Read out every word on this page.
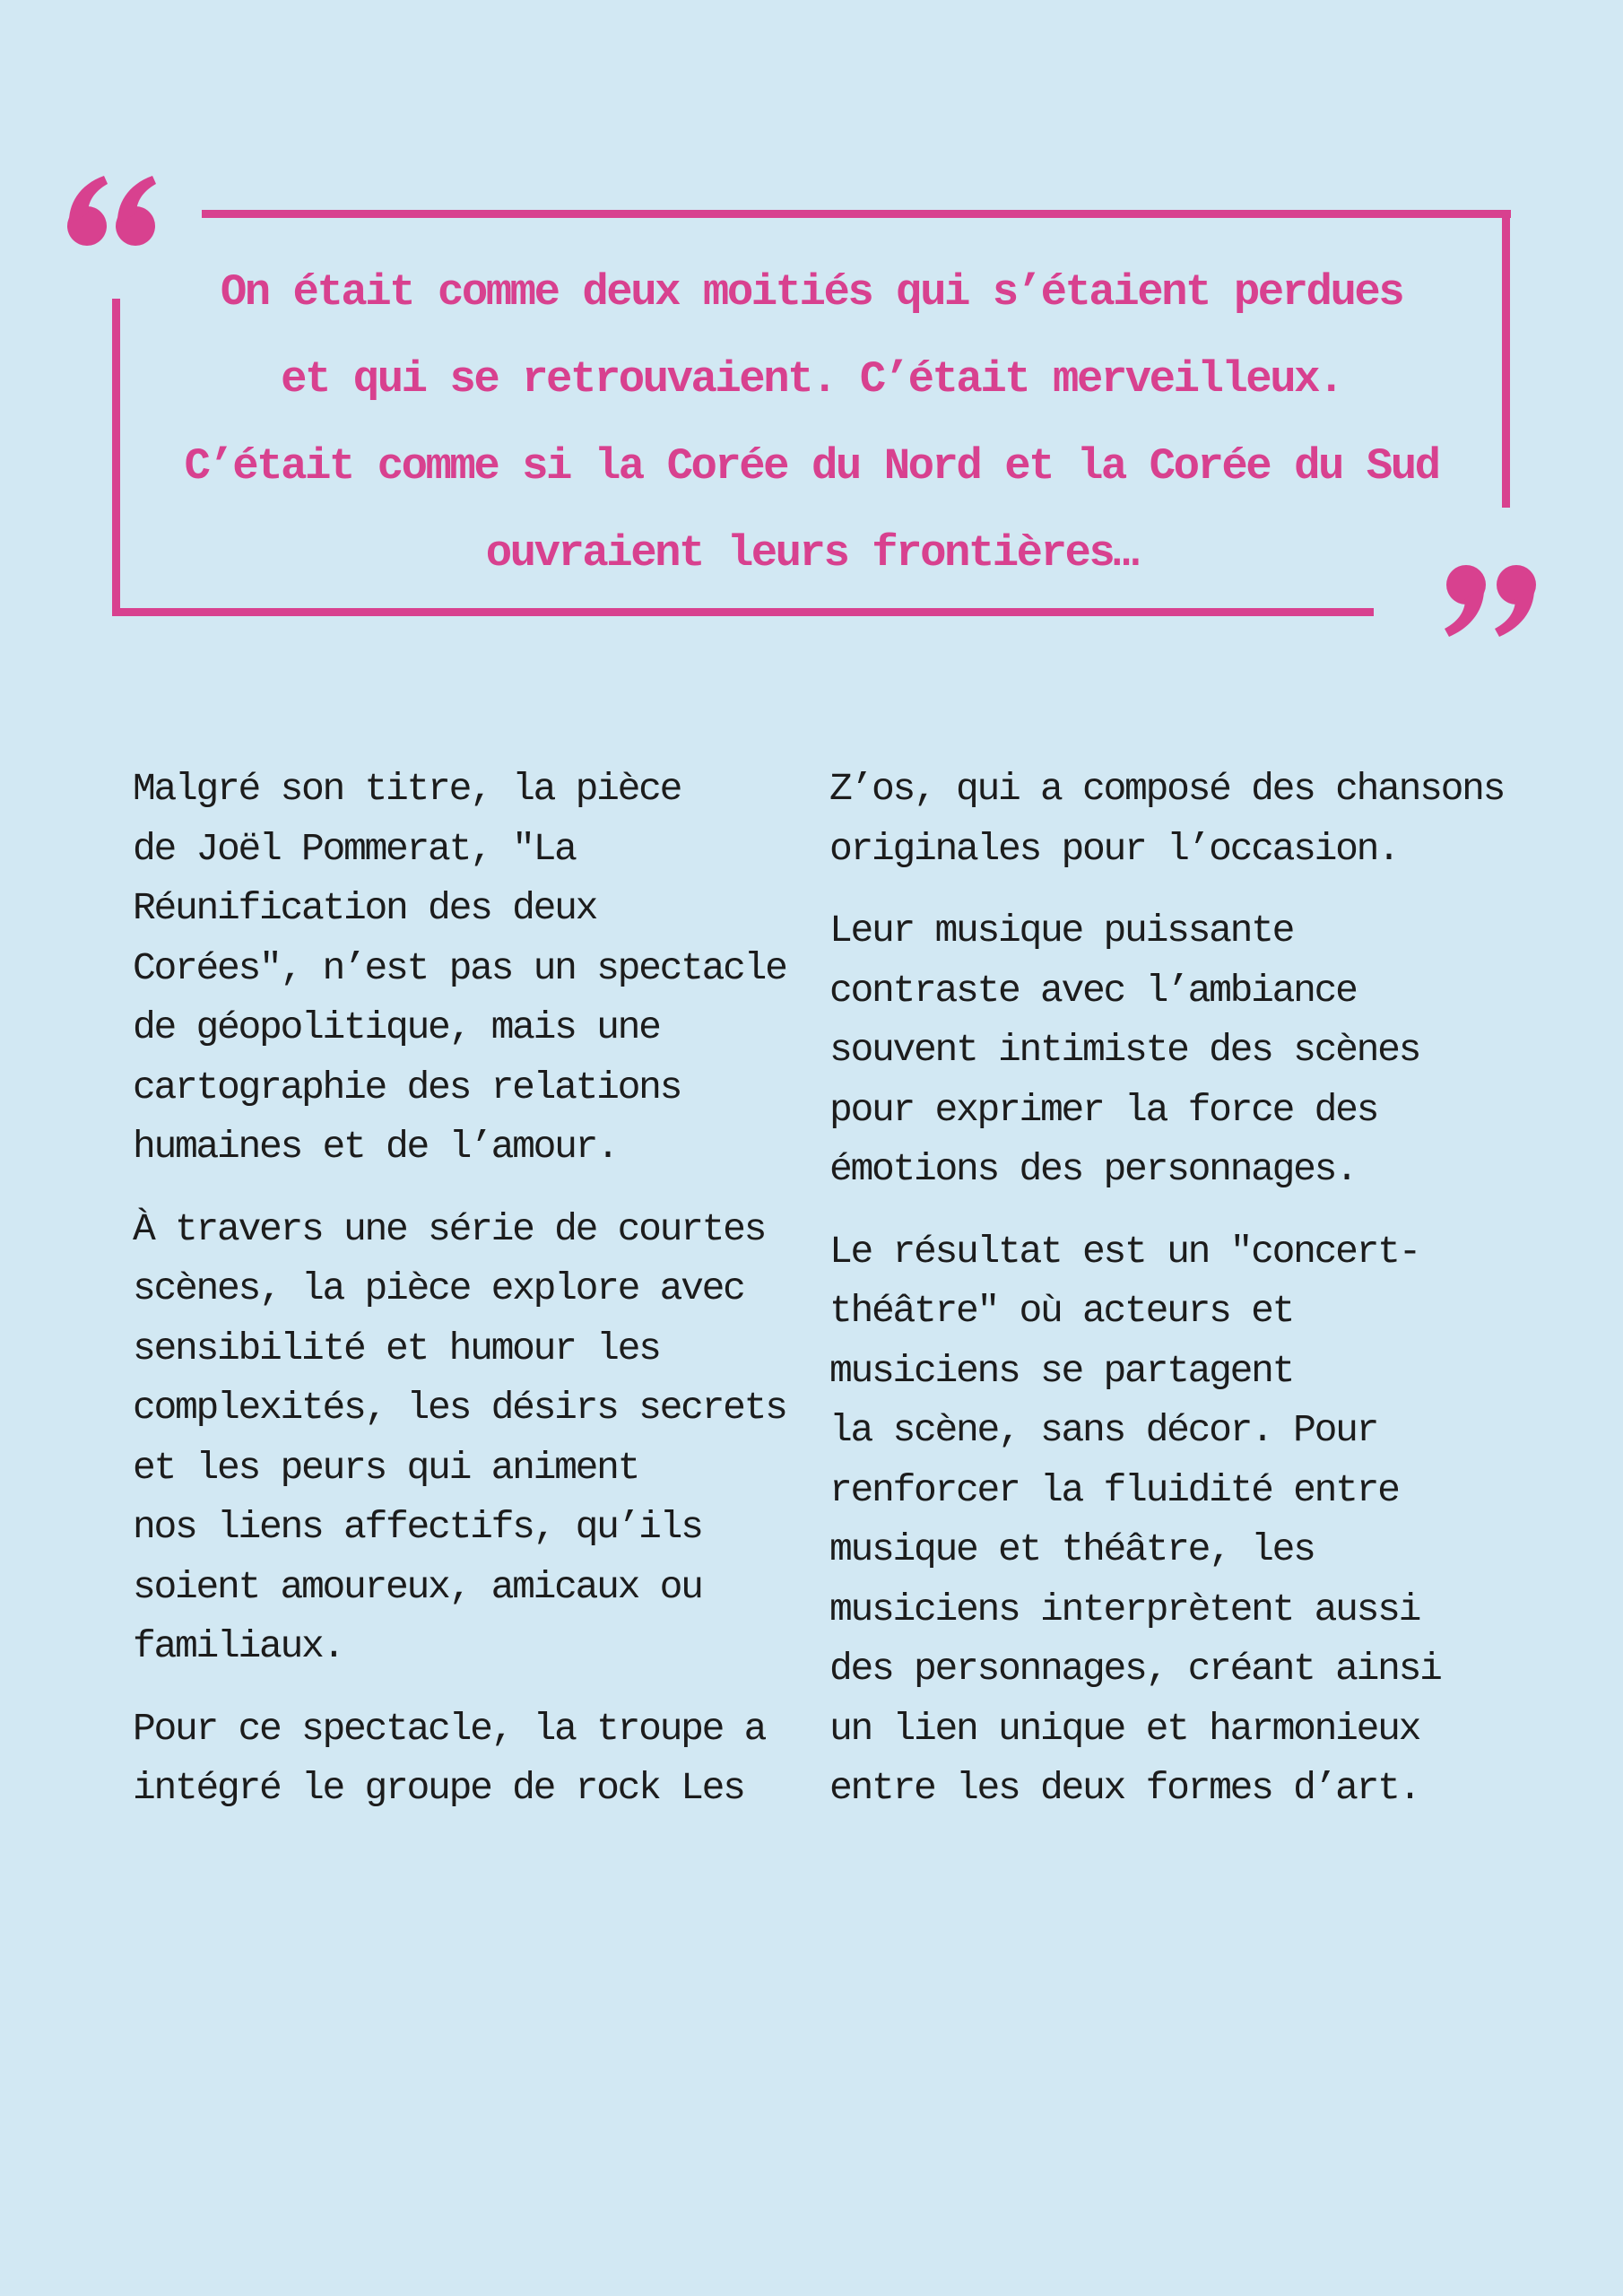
On était comme deux moitiés qui s’étaient perdues
et qui se retrouvaient. C’était merveilleux.
C’était comme si la Corée du Nord et la Corée du Sud
ouvraient leurs frontières…

Malgré son titre, la pièce
de Joël Pommerat, "La
Réunification des deux
Corées", n’est pas un spectacle
de géopolitique, mais une
cartographie des relations
humaines et de l’amour.

À travers une série de courtes
scènes, la pièce explore avec
sensibilité et humour les
complexités, les désirs secrets
et les peurs qui animent
nos liens affectifs, qu’ils
soient amoureux, amicaux ou
familiaux.

Pour ce spectacle, la troupe a
intégré le groupe de rock Les

Z’os, qui a composé des chansons
originales pour l’occasion.

Leur musique puissante
contraste avec l’ambiance
souvent intimiste des scènes
pour exprimer la force des
émotions des personnages.

Le résultat est un "concert-
théâtre" où acteurs et
musiciens se partagent
la scène, sans décor. Pour
renforcer la fluidité entre
musique et théâtre, les
musiciens interprètent aussi
des personnages, créant ainsi
un lien unique et harmonieux
entre les deux formes d’art.
